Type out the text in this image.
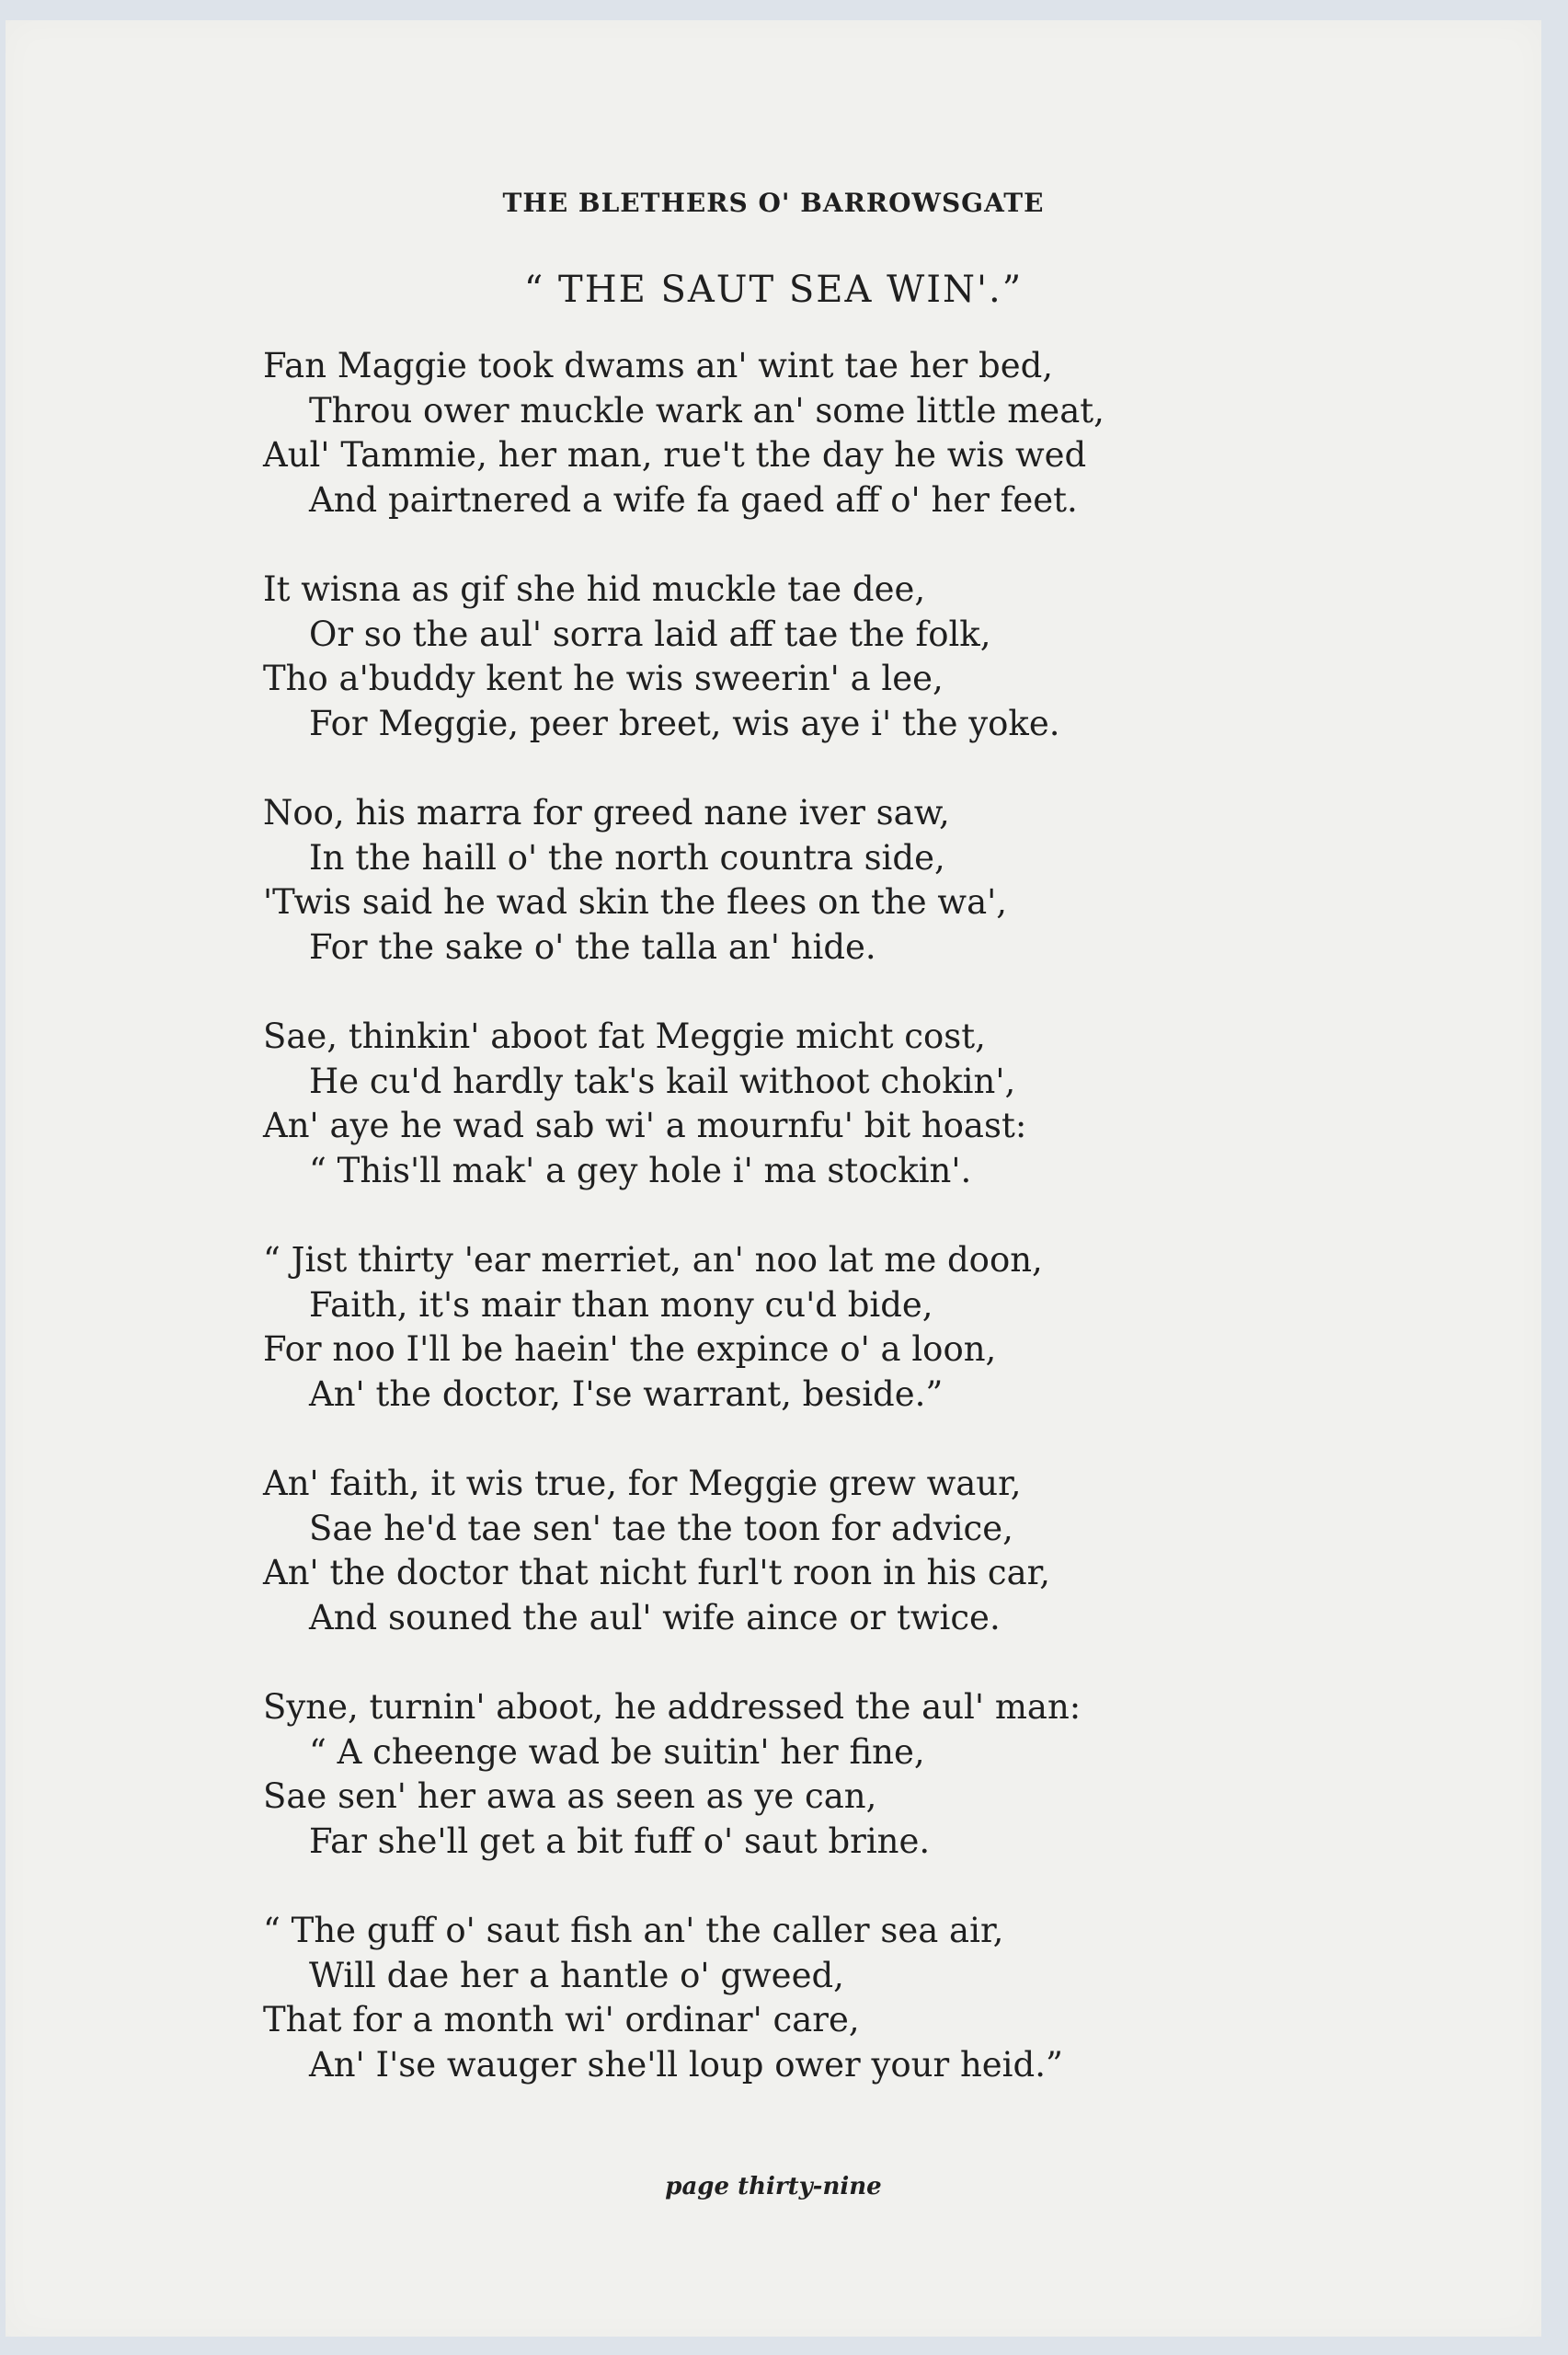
THE BLETHERS O' BARROWSGATE
“ THE SAUT SEA WIN'.”
Fan Maggie took dwams an' wint tae her bed,
Throu ower muckle wark an' some little meat,
Aul' Tammie, her man, rue't the day he wis wed
And pairtnered a wife fa gaed aff o' her feet.
It wisna as gif she hid muckle tae dee,
Or so the aul' sorra laid aff tae the folk,
Tho a'buddy kent he wis sweerin' a lee,
For Meggie, peer breet, wis aye i' the yoke.
Noo, his marra for greed nane iver saw,
In the haill o' the north countra side,
'Twis said he wad skin the flees on the wa',
For the sake o' the talla an' hide.
Sae, thinkin' aboot fat Meggie micht cost,
He cu'd hardly tak's kail withoot chokin',
An' aye he wad sab wi' a mournfu' bit hoast:
“ This'll mak' a gey hole i' ma stockin'.
“ Jist thirty 'ear merriet, an' noo lat me doon,
Faith, it's mair than mony cu'd bide,
For noo I'll be haein' the expince o' a loon,
An' the doctor, I'se warrant, beside.”
An' faith, it wis true, for Meggie grew waur,
Sae he'd tae sen' tae the toon for advice,
An' the doctor that nicht furl't roon in his car,
And souned the aul' wife aince or twice.
Syne, turnin' aboot, he addressed the aul' man:
“ A cheenge wad be suitin' her fine,
Sae sen' her awa as seen as ye can,
Far she'll get a bit fuff o' saut brine.
“ The guff o' saut fish an' the caller sea air,
Will dae her a hantle o' gweed,
That for a month wi' ordinar' care,
An' I'se wauger she'll loup ower your heid.”
page thirty-nine
